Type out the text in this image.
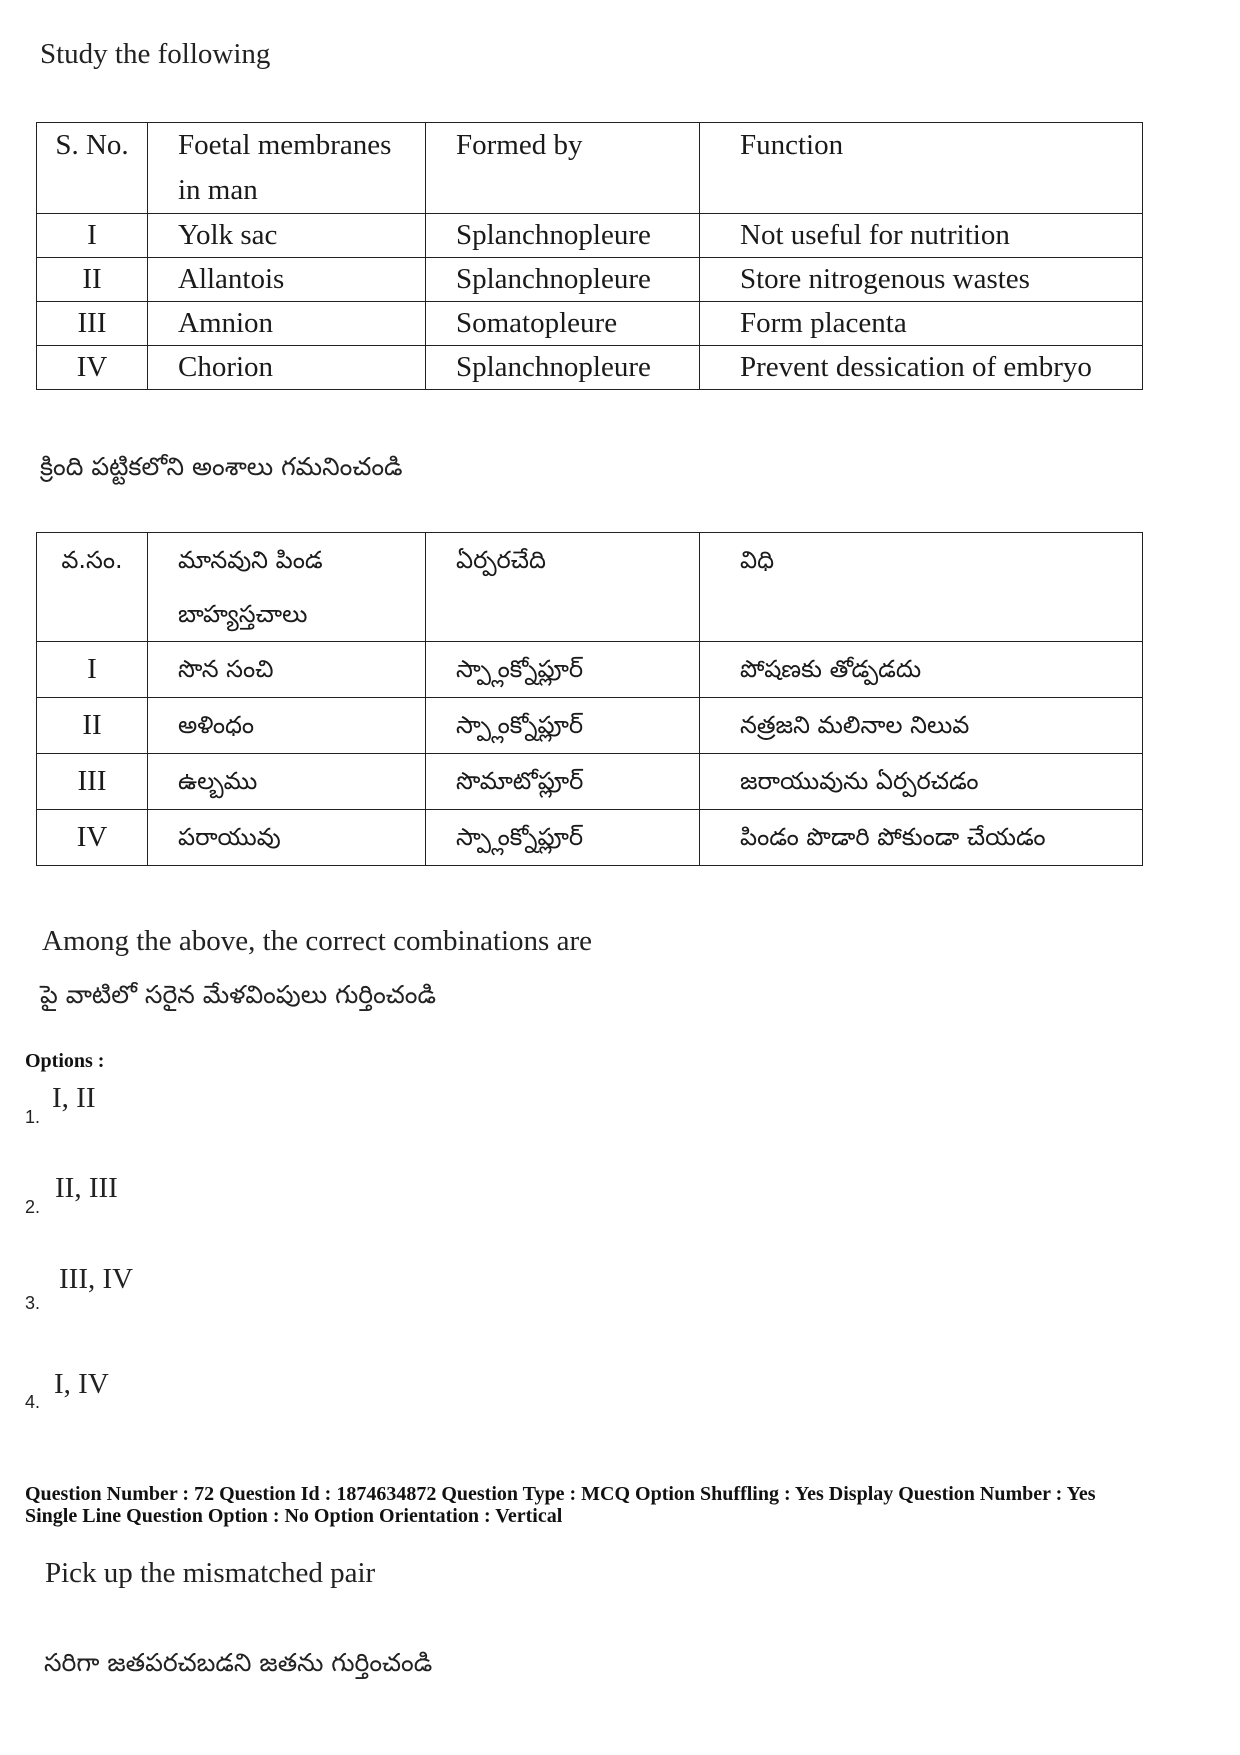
Study the following
S. No.	Foetal membranes in man	Formed by	Function
I	Yolk sac	Splanchnopleure	Not useful for nutrition
II	Allantois	Splanchnopleure	Store nitrogenous wastes
III	Amnion	Somatopleure	Form placenta
IV	Chorion	Splanchnopleure	Prevent dessication of embryo
క్రింది పట్టికలోని అంశాలు గమనించండి
వ.సం.	మానవుని పిండ బాహ్యస్తచాలు	ఏర్పరచేది	విధి
I	సొన సంచి	స్ప్లాంక్నోప్లూర్	పోషణకు తోడ్పడదు
II	అళింధం	స్ప్లాంక్నోప్లూర్	నత్రజని మలినాల నిలువ
III	ఉల్బము	సొమాటోప్లూర్	జరాయువును ఏర్పరచడం
IV	పరాయువు	స్ప్లాంక్నోప్లూర్	పిండం పొడారి పోకుండా చేయడం
Among the above, the correct combinations are
పై వాటిలో సరైన మేళవింపులు గుర్తించండి
Options :
I, II
1.
II, III
2.
III, IV
3.
I, IV
4.
Question Number : 72 Question Id : 1874634872 Question Type : MCQ Option Shuffling : Yes Display Question Number : Yes
Single Line Question Option : No Option Orientation : Vertical
Pick up the mismatched pair
సరిగా జతపరచబడని జతను గుర్తించండి
